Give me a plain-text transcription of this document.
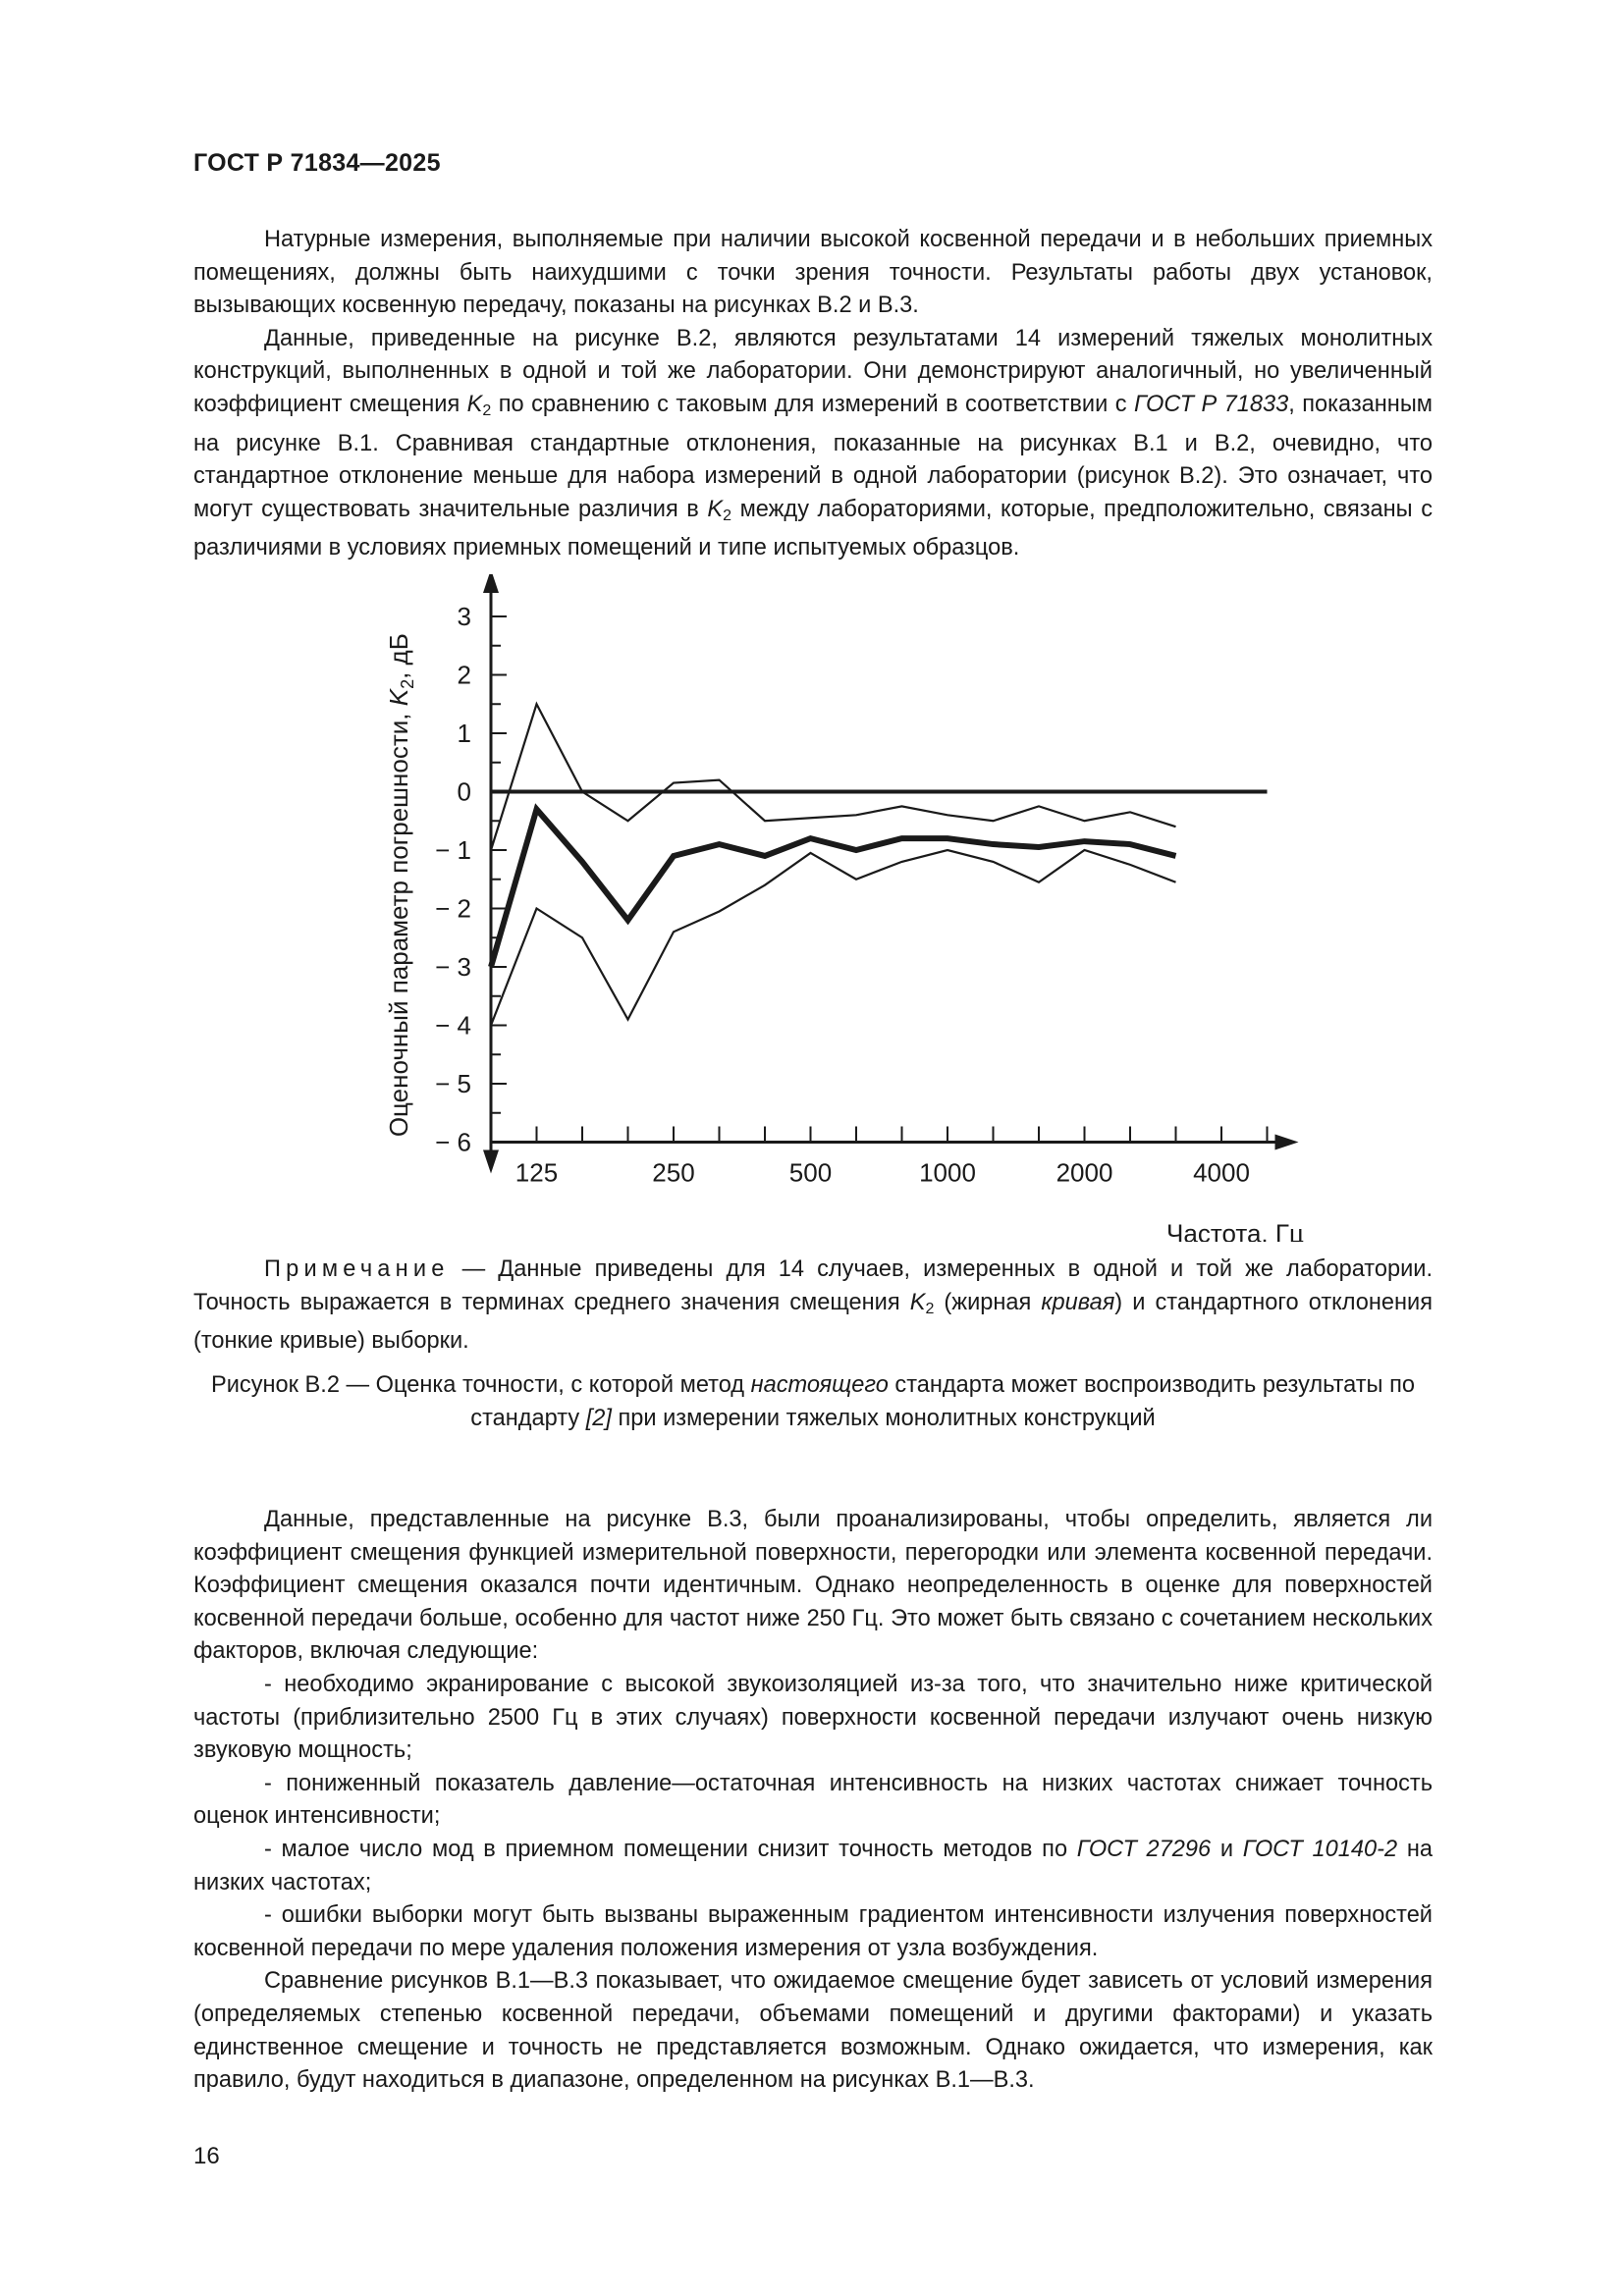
ГОСТ Р 71834—2025

Натурные измерения, выполняемые при наличии высокой косвенной передачи и в небольших приемных помещениях, должны быть наихудшими с точки зрения точности. Результаты работы двух установок, вызывающих косвенную передачу, показаны на рисунках В.2 и В.3.

Данные, приведенные на рисунке В.2, являются результатами 14 измерений тяжелых монолитных конструкций, выполненных в одной и той же лаборатории. Они демонстрируют аналогичный, но увеличенный коэффициент смещения $K_2$ по сравнению с таковым для измерений в соответствии с ГОСТ Р 71833, показанным на рисунке В.1. Сравнивая стандартные отклонения, показанные на рисунках В.1 и В.2, очевидно, что стандартное отклонение меньше для набора измерений в одной лаборатории (рисунок В.2). Это означает, что могут существовать значительные различия в $K_2$ между лабораториями, которые, предположительно, связаны с различиями в условиях приемных помещений и типе испытуемых образцов.

3
2
1
0
− 1
− 2
− 3
− 4
− 5
− 6
125	250	500	1000	2000	4000
Оценочный параметр погрешности, $K_2$, дБ
Частота, Гц

Примечание — Данные приведены для 14 случаев, измеренных в одной и той же лаборатории. Точность выражается в терминах среднего значения смещения $K_2$ (жирная кривая) и стандартного отклонения (тонкие кривые) выборки.

Рисунок В.2 — Оценка точности, с которой метод настоящего стандарта может воспроизводить результаты по стандарту [2] при измерении тяжелых монолитных конструкций

Данные, представленные на рисунке В.3, были проанализированы, чтобы определить, является ли коэффициент смещения функцией измерительной поверхности, перегородки или элемента косвенной передачи. Коэффициент смещения оказался почти идентичным. Однако неопределенность в оценке для поверхностей косвенной передачи больше, особенно для частот ниже 250 Гц. Это может быть связано с сочетанием нескольких факторов, включая следующие:

- необходимо экранирование с высокой звукоизоляцией из-за того, что значительно ниже критической частоты (приблизительно 2500 Гц в этих случаях) поверхности косвенной передачи излучают очень низкую звуковую мощность;

- пониженный показатель давление—остаточная интенсивность на низких частотах снижает точность оценок интенсивности;

- малое число мод в приемном помещении снизит точность методов по ГОСТ 27296 и ГОСТ 10140-2 на низких частотах;

- ошибки выборки могут быть вызваны выраженным градиентом интенсивности излучения поверхностей косвенной передачи по мере удаления положения измерения от узла возбуждения.

Сравнение рисунков В.1—В.3 показывает, что ожидаемое смещение будет зависеть от условий измерения (определяемых степенью косвенной передачи, объемами помещений и другими факторами) и указать единственное смещение и точность не представляется возможным. Однако ожидается, что измерения, как правило, будут находиться в диапазоне, определенном на рисунках В.1—В.3.

16
